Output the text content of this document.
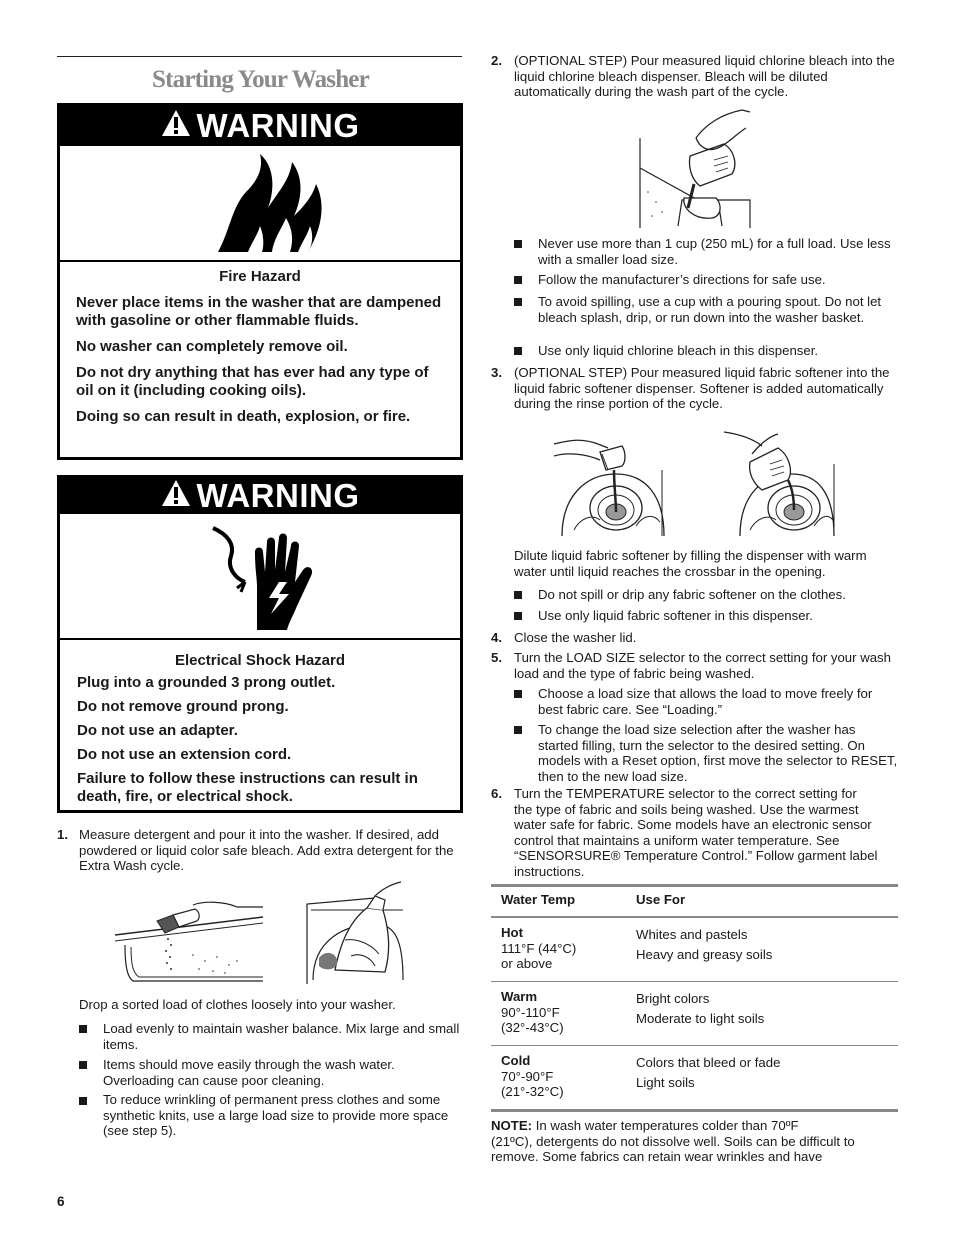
Starting Your Washer
WARNING
Fire Hazard
Never place items in the washer that are dampened with gasoline or other flammable fluids.
No washer can completely remove oil.
Do not dry anything that has ever had any type of oil on it (including cooking oils).
Doing so can result in death, explosion, or fire.
WARNING
Electrical Shock Hazard
Plug into a grounded 3 prong outlet.
Do not remove ground prong.
Do not use an adapter.
Do not use an extension cord.
Failure to follow these instructions can result in death, fire, or electrical shock.
1. Measure detergent and pour it into the washer. If desired, add powdered or liquid color safe bleach. Add extra detergent for the Extra Wash cycle.
Drop a sorted load of clothes loosely into your washer.
Load evenly to maintain washer balance. Mix large and small items.
Items should move easily through the wash water. Overloading can cause poor cleaning.
To reduce wrinkling of permanent press clothes and some synthetic knits, use a large load size to provide more space (see step 5).
6
2. (OPTIONAL STEP) Pour measured liquid chlorine bleach into the liquid chlorine bleach dispenser. Bleach will be diluted automatically during the wash part of the cycle.
Never use more than 1 cup (250 mL) for a full load. Use less with a smaller load size.
Follow the manufacturer’s directions for safe use.
To avoid spilling, use a cup with a pouring spout. Do not let bleach splash, drip, or run down into the washer basket.
Use only liquid chlorine bleach in this dispenser.
3. (OPTIONAL STEP) Pour measured liquid fabric softener into the liquid fabric softener dispenser. Softener is added automatically during the rinse portion of the cycle.
Dilute liquid fabric softener by filling the dispenser with warm water until liquid reaches the crossbar in the opening.
Do not spill or drip any fabric softener on the clothes.
Use only liquid fabric softener in this dispenser.
4. Close the washer lid.
5. Turn the LOAD SIZE selector to the correct setting for your wash load and the type of fabric being washed.
Choose a load size that allows the load to move freely for best fabric care. See “Loading.”
To change the load size selection after the washer has started filling, turn the selector to the desired setting. On models with a Reset option, first move the selector to RESET, then to the new load size.
6. Turn the TEMPERATURE selector to the correct setting for
the type of fabric and soils being washed. Use the warmest
water safe for fabric. Some models have an electronic sensor
control that maintains a uniform water temperature. See
“SENSORSURE® Temperature Control.” Follow garment label
instructions.
Water Temp	Use For
Hot
111°F (44°C)
or above
Whites and pastels
Heavy and greasy soils
Warm
90°-110°F
(32°-43°C)
Bright colors
Moderate to light soils
Cold
70°-90°F
(21°-32°C)
Colors that bleed or fade
Light soils
NOTE: In wash water temperatures colder than 70ºF
(21ºC), detergents do not dissolve well. Soils can be difficult to
remove. Some fabrics can retain wear wrinkles and have
